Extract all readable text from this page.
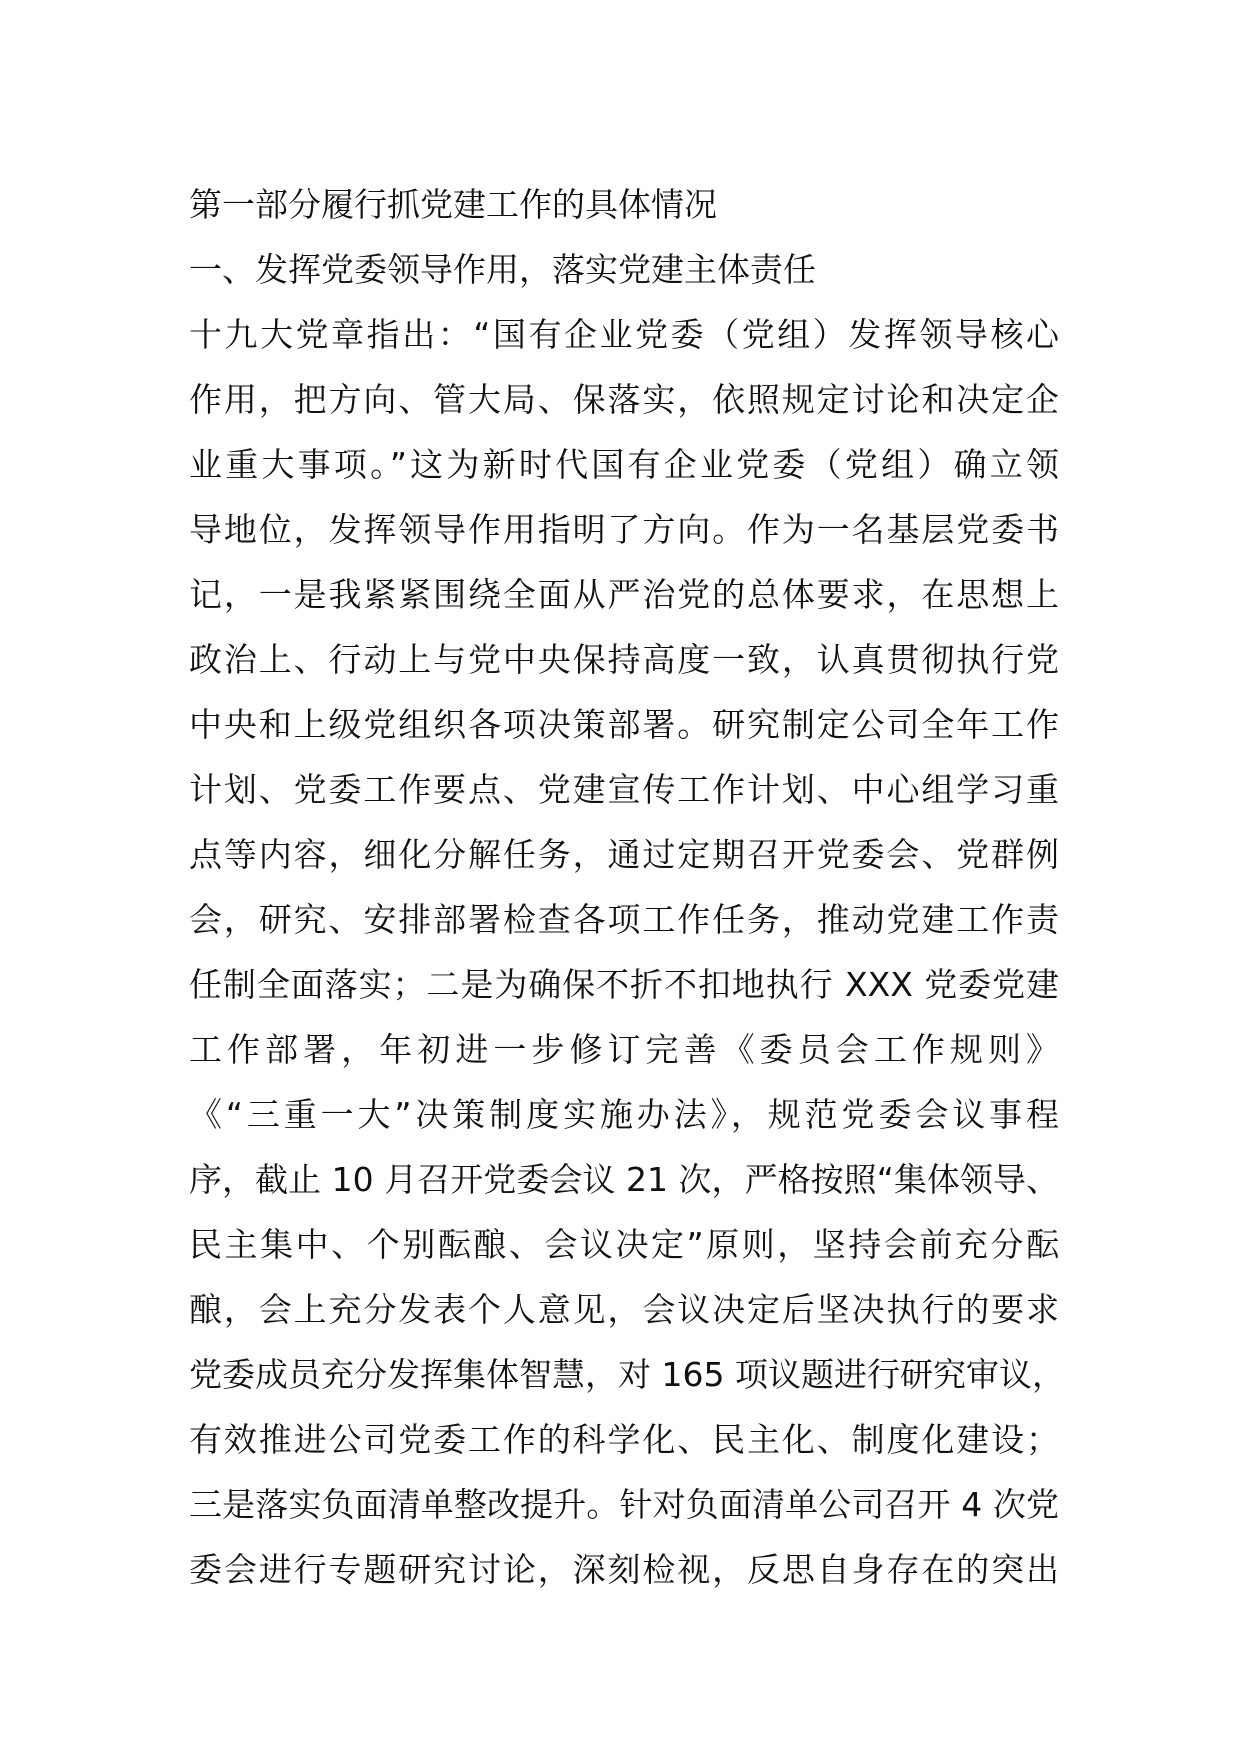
第一部分履行抓党建工作的具体情况
一、发挥党委领导作用，落实党建主体责任
十九大党章指出：“国有企业党委（党组）发挥领导核心
作用，把方向、管大局、保落实，依照规定讨论和决定企
业重大事项。”这为新时代国有企业党委（党组）确立领
导地位，发挥领导作用指明了方向。作为一名基层党委书
记，一是我紧紧围绕全面从严治党的总体要求，在思想上
政治上、行动上与党中央保持高度一致，认真贯彻执行党
中央和上级党组织各项决策部署。研究制定公司全年工作
计划、党委工作要点、党建宣传工作计划、中心组学习重
点等内容，细化分解任务，通过定期召开党委会、党群例
会，研究、安排部署检查各项工作任务，推动党建工作责
任制全面落实；二是为确保不折不扣地执行 XXX 党委党建
工作部署，年初进一步修订完善《委员会工作规则》
《“三重一大”决策制度实施办法》，规范党委会议事程
序，截止 10 月召开党委会议 21 次，严格按照“集体领导、
民主集中、个别酝酿、会议决定”原则，坚持会前充分酝
酿，会上充分发表个人意见，会议决定后坚决执行的要求
党委成员充分发挥集体智慧，对 165 项议题进行研究审议，
有效推进公司党委工作的科学化、民主化、制度化建设；
三是落实负面清单整改提升。针对负面清单公司召开 4 次党
委会进行专题研究讨论，深刻检视，反思自身存在的突出
